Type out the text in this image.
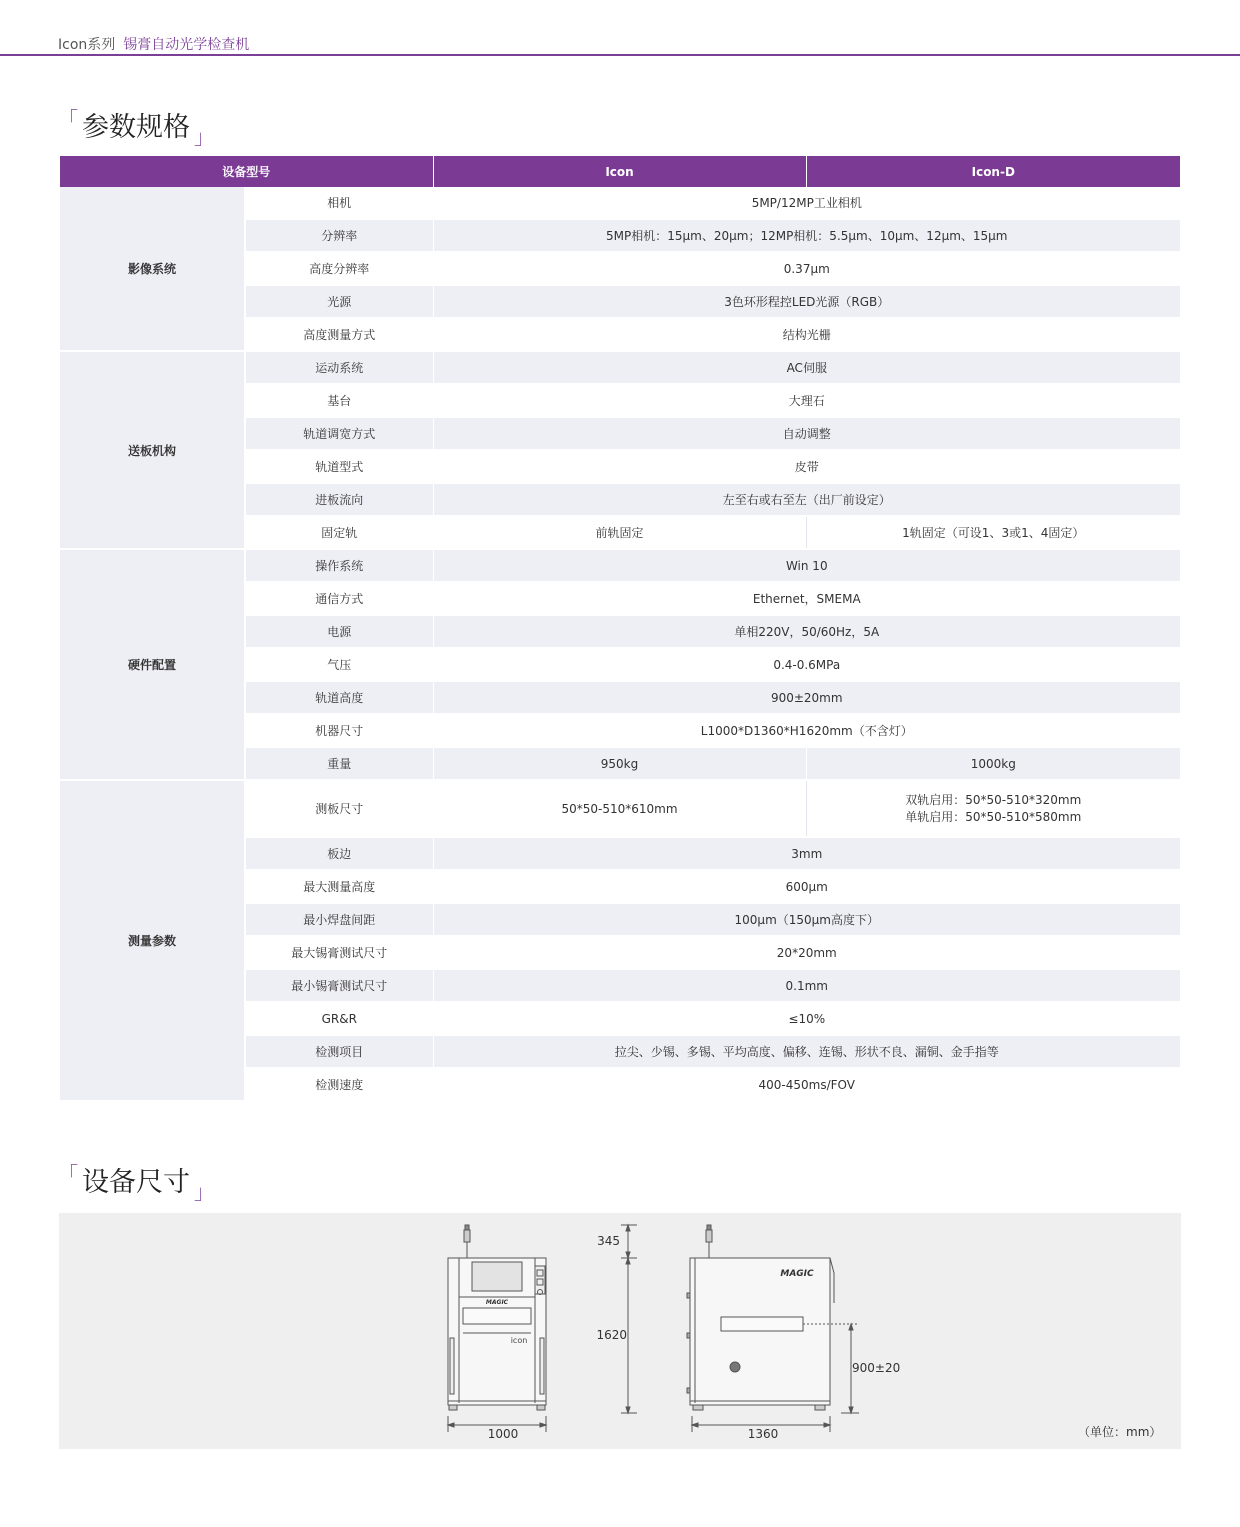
Icon系列 锡膏自动光学检查机
「 参数规格 $_」$
设备型号		Icon	Icon-D
影像系统	相机	5MP/12MP工业相机	
	分辨率	5MP相机：15μm、20μm；12MP相机：5.5μm、10μm、12μm、15μm	
	高度分辨率	0.37μm	
	光源	3色环形程控LED光源（RGB）	
	高度测量方式	结构光栅	
送板机构	运动系统	AC伺服	
	基台	大理石	
	轨道调宽方式	自动调整	
	轨道型式	皮带	
	进板流向	左至右或右至左（出厂前设定）	
	固定轨	前轨固定	1轨固定（可设1、3或1、4固定）
硬件配置	操作系统	Win 10	
	通信方式	Ethernet，SMEMA	
	电源	单相220V，50/60Hz，5A	
	气压	0.4-0.6MPa	
	轨道高度	900±20mm	
	机器尺寸	L1000*D1360*H1620mm（不含灯）	
	重量	950kg	1000kg
测量参数	测板尺寸	50*50-510*610mm	双轨启用：50*50-510*320mm
单轨启用：50*50-510*580mm
	板边	3mm	
	最大测量高度	600μm	
	最小焊盘间距	100μm（150μm高度下）	
	最大锡膏测试尺寸	20*20mm	
	最小锡膏测试尺寸	0.1mm	
	GR&R	≤10%	
	检测项目	拉尖、少锡、多锡、平均高度、偏移、连锡、形状不良、漏铜、金手指等	
	检测速度	400-450ms/FOV	
「 设备尺寸 $_」$
MAGIC
icon
MAGIC
1000	1360
345
1620
900±20
（单位：mm）
